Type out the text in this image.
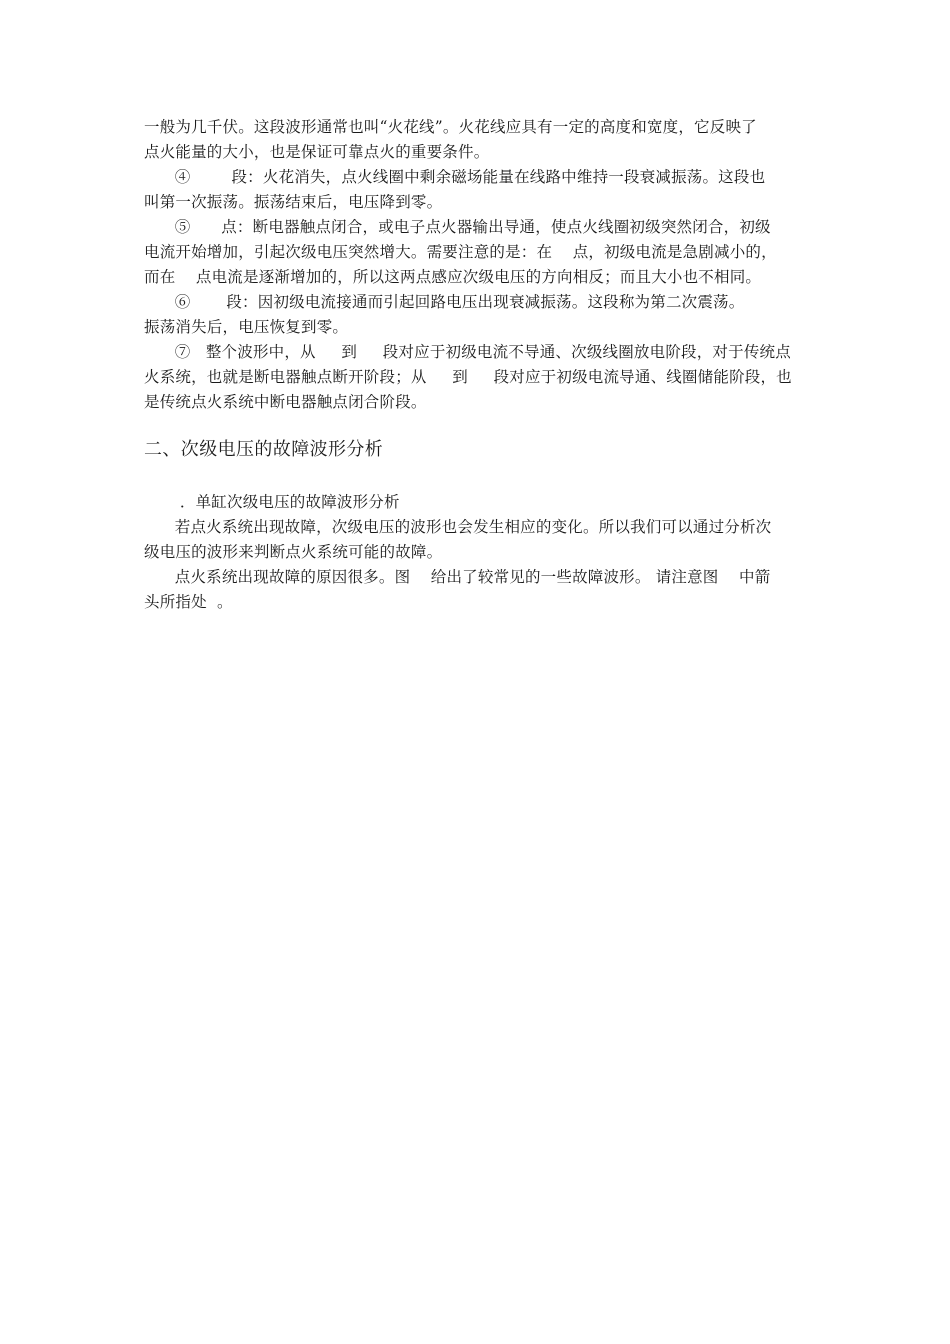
一般为几千伏。这段波形通常也叫“火花线”。火花线应具有一定的高度和宽度，它反映了
点火能量的大小，也是保证可靠点火的重要条件。
④        段：火花消失，点火线圈中剩余磁场能量在线路中维持一段衰减振荡。这段也
叫第一次振荡。振荡结束后，电压降到零。
⑤      点：断电器触点闭合，或电子点火器输出导通，使点火线圈初级突然闭合，初级
电流开始增加，引起次级电压突然增大。需要注意的是：在    点，初级电流是急剧减小的，
而在    点电流是逐渐增加的，所以这两点感应次级电压的方向相反；而且大小也不相同。
⑥       段：因初级电流接通而引起回路电压出现衰减振荡。这段称为第二次震荡。
振荡消失后，电压恢复到零。
⑦   整个波形中，从     到     段对应于初级电流不导通、次级线圈放电阶段，对于传统点
火系统，也就是断电器触点断开阶段；从     到     段对应于初级电流导通、线圈储能阶段，也
是传统点火系统中断电器触点闭合阶段。
二、次级电压的故障波形分析
．单缸次级电压的故障波形分析
若点火系统出现故障，次级电压的波形也会发生相应的变化。所以我们可以通过分析次
级电压的波形来判断点火系统可能的故障。
点火系统出现故障的原因很多。图    给出了较常见的一些故障波形。 请注意图    中箭
头所指处  。
